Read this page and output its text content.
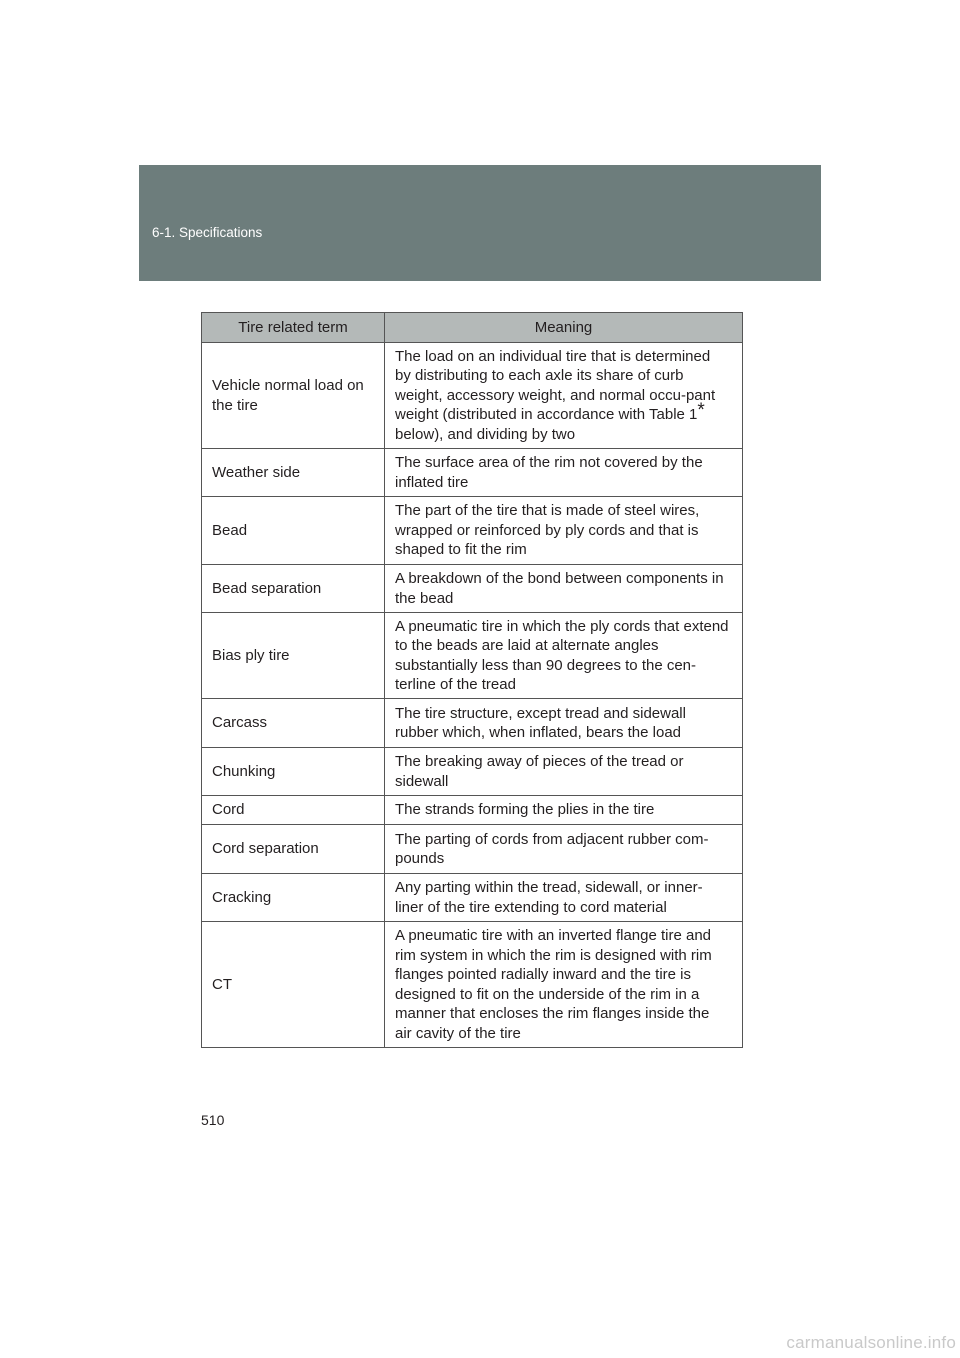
6-1. Specifications
Tire related term	Meaning
Vehicle normal load on the tire	The load on an individual tire that is determined by distributing to each axle its share of curb weight, accessory weight, and normal occu-pant weight (distributed in accordance with Table 1* below), and dividing by two
Weather side	The surface area of the rim not covered by the inflated tire
Bead	The part of the tire that is made of steel wires, wrapped or reinforced by ply cords and that is shaped to fit the rim
Bead separation	A breakdown of the bond between components in the bead
Bias ply tire	A pneumatic tire in which the ply cords that extend to the beads are laid at alternate angles substantially less than 90 degrees to the cen-terline of the tread
Carcass	The tire structure, except tread and sidewall rubber which, when inflated, bears the load
Chunking	The breaking away of pieces of the tread or sidewall
Cord	The strands forming the plies in the tire
Cord separation	The parting of cords from adjacent rubber com-pounds
Cracking	Any parting within the tread, sidewall, or inner-liner of the tire extending to cord material
CT	A pneumatic tire with an inverted flange tire and rim system in which the rim is designed with rim flanges pointed radially inward and the tire is designed to fit on the underside of the rim in a manner that encloses the rim flanges inside the air cavity of the tire
510
carmanualsonline.info
